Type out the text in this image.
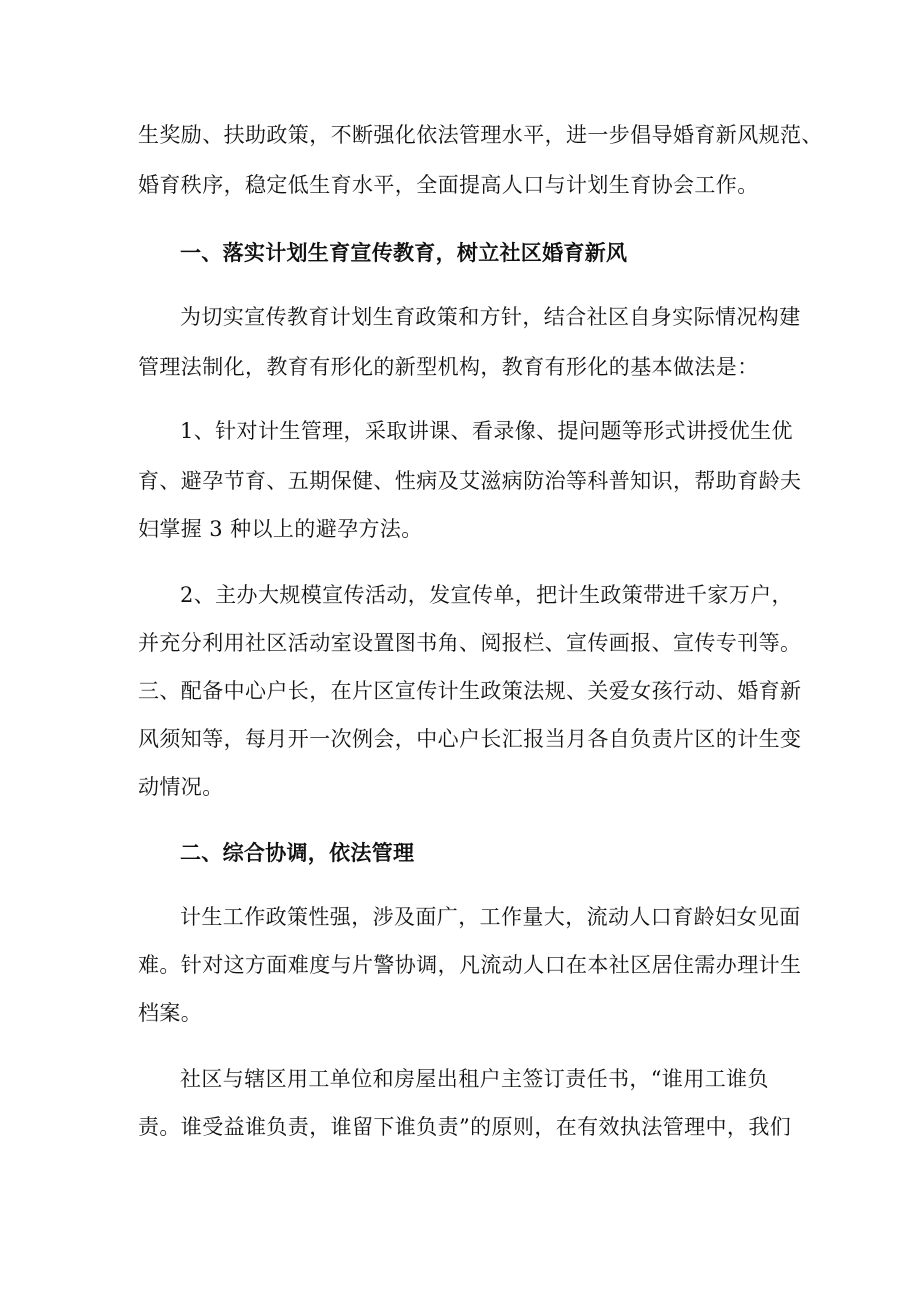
生奖励、扶助政策，不断强化依法管理水平，进一步倡导婚育新风规范、
婚育秩序，稳定低生育水平，全面提高人口与计划生育协会工作。
一、落实计划生育宣传教育，树立社区婚育新风
为切实宣传教育计划生育政策和方针，结合社区自身实际情况构建
管理法制化，教育有形化的新型机构，教育有形化的基本做法是：
1、针对计生管理，采取讲课、看录像、提问题等形式讲授优生优
育、避孕节育、五期保健、性病及艾滋病防治等科普知识，帮助育龄夫
妇掌握 3 种以上的避孕方法。
2、主办大规模宣传活动，发宣传单，把计生政策带进千家万户，
并充分利用社区活动室设置图书角、阅报栏、宣传画报、宣传专刊等。
三、配备中心户长，在片区宣传计生政策法规、关爱女孩行动、婚育新
风须知等，每月开一次例会，中心户长汇报当月各自负责片区的计生变
动情况。
二、综合协调，依法管理
计生工作政策性强，涉及面广，工作量大，流动人口育龄妇女见面
难。针对这方面难度与片警协调，凡流动人口在本社区居住需办理计生
档案。
社区与辖区用工单位和房屋出租户主签订责任书，“谁用工谁负
责。谁受益谁负责，谁留下谁负责”的原则，在有效执法管理中，我们
